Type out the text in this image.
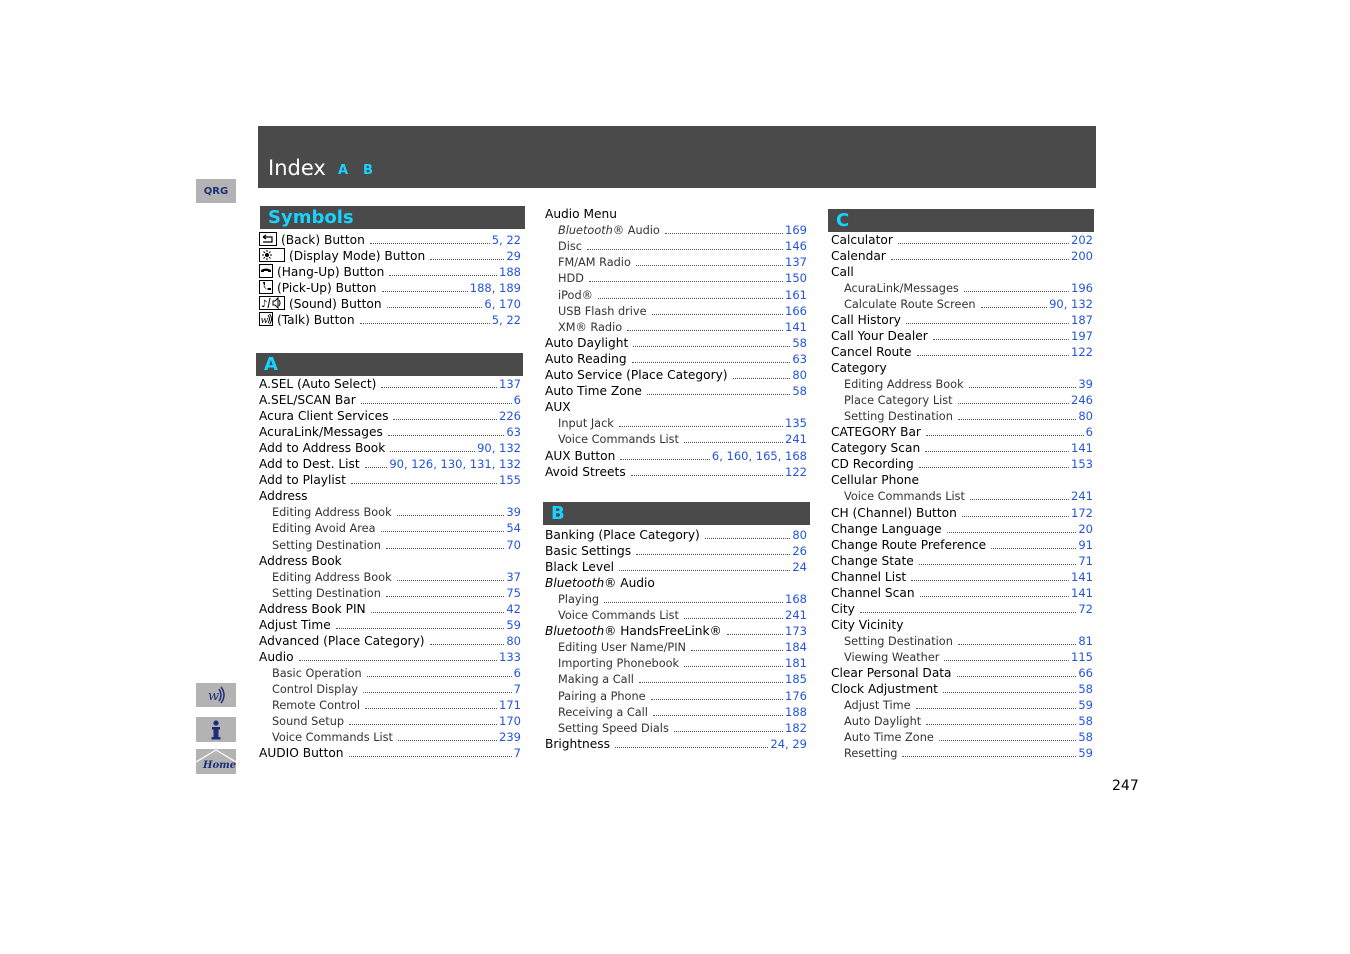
Index A B
QRG
w
Home
Symbols
(Back) Button	5, 22
(Display Mode) Button	29
(Hang-Up) Button	188
(Pick-Up) Button	188, 189
♪ (Sound) Button	6, 170
w (Talk) Button	5, 22
A
A.SEL (Auto Select)	137
A.SEL/SCAN Bar	6
Acura Client Services	226
AcuraLink/Messages	63
Add to Address Book	90, 132
Add to Dest. List	90, 126, 130, 131, 132
Add to Playlist	155
Address
Editing Address Book	39
Editing Avoid Area	54
Setting Destination	70
Address Book
Editing Address Book	37
Setting Destination	75
Address Book PIN	42
Adjust Time	59
Advanced (Place Category)	80
Audio	133
Basic Operation	6
Control Display	7
Remote Control	171
Sound Setup	170
Voice Commands List	239
AUDIO Button	7
Audio Menu
Bluetooth® Audio	169
Disc	146
FM/AM Radio	137
HDD	150
iPod®	161
USB Flash drive	166
XM® Radio	141
Auto Daylight	58
Auto Reading	63
Auto Service (Place Category)	80
Auto Time Zone	58
AUX
Input Jack	135
Voice Commands List	241
AUX Button	6, 160, 165, 168
Avoid Streets	122
B
Banking (Place Category)	80
Basic Settings	26
Black Level	24
Bluetooth® Audio
Playing	168
Voice Commands List	241
Bluetooth® HandsFreeLink®	173
Editing User Name/PIN	184
Importing Phonebook	181
Making a Call	185
Pairing a Phone	176
Receiving a Call	188
Setting Speed Dials	182
Brightness	24, 29
C
Calculator	202
Calendar	200
Call
AcuraLink/Messages	196
Calculate Route Screen	90, 132
Call History	187
Call Your Dealer	197
Cancel Route	122
Category
Editing Address Book	39
Place Category List	246
Setting Destination	80
CATEGORY Bar	6
Category Scan	141
CD Recording	153
Cellular Phone
Voice Commands List	241
CH (Channel) Button	172
Change Language	20
Change Route Preference	91
Change State	71
Channel List	141
Channel Scan	141
City	72
City Vicinity
Setting Destination	81
Viewing Weather	115
Clear Personal Data	66
Clock Adjustment	58
Adjust Time	59
Auto Daylight	58
Auto Time Zone	58
Resetting	59
247
